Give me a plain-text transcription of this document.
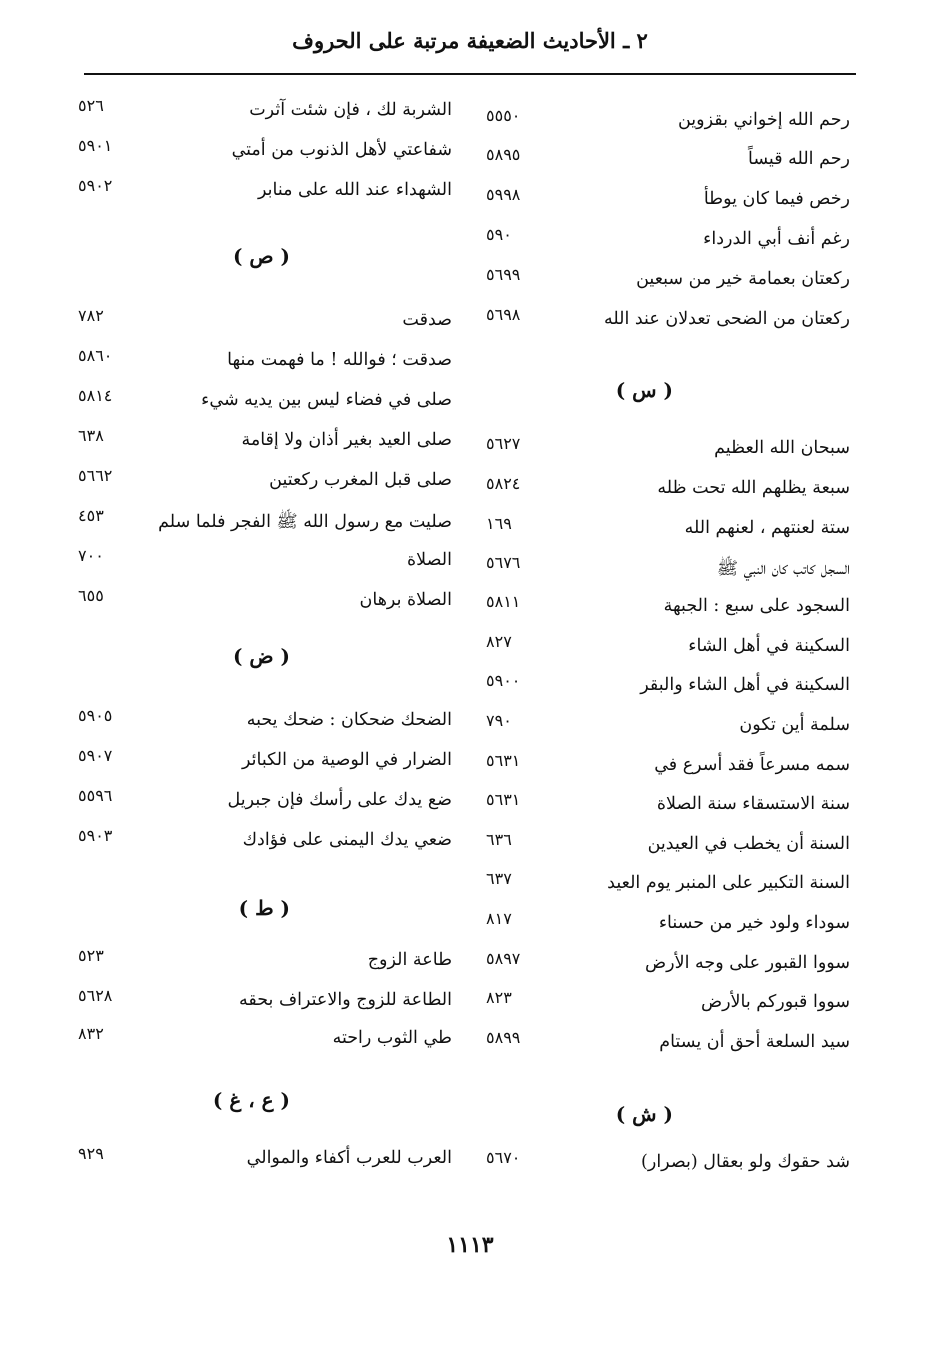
٢ ـ الأحاديث الضعيفة مرتبة على الحروف
رحم الله إخواني بقزوين
٥٥٥٠
رحم الله قيساً
٥٨٩٥
رخص فيما كان يوطأ
٥٩٩٨
رغم أنف أبي الدرداء
٥٩٠
ركعتان بعمامة خير من سبعين
٥٦٩٩
ركعتان من الضحى تعدلان عند الله
٥٦٩٨
( س )
سبحان الله العظيم
٥٦٢٧
سبعة يظلهم الله تحت ظله
٥٨٢٤
ستة لعنتهم ، لعنهم الله
١٦٩
السجل كاتب كان النبي ﷺ
٥٦٧٦
السجود على سبع : الجبهة
٥٨١١
السكينة في أهل الشاء
٨٢٧
السكينة في أهل الشاء والبقر
٥٩٠٠
سلمة أين تكون
٧٩٠
سمه مسرعاً فقد أسرع في
٥٦٣١
سنة الاستسقاء سنة الصلاة
٥٦٣١
السنة أن يخطب في العيدين
٦٣٦
السنة التكبير على المنبر يوم العيد
٦٣٧
سوداء ولود خير من حسناء
٨١٧
سووا القبور على وجه الأرض
٥٨٩٧
سووا قبوركم بالأرض
٨٢٣
سيد السلعة أحق أن يستام
٥٨٩٩
( ش )
شد حقوك ولو بعقال (بصرار)
٥٦٧٠
الشربة لك ، فإن شئت آثرت
٥٢٦
شفاعتي لأهل الذنوب من أمتي
٥٩٠١
الشهداء عند الله على منابر
٥٩٠٢
( ص )
صدقت
٧٨٢
صدقت ؛ فوالله ! ما فهمت منها
٥٨٦٠
صلى في فضاء ليس بين يديه شيء
٥٨١٤
صلى العيد بغير أذان ولا إقامة
٦٣٨
صلى قبل المغرب ركعتين
٥٦٦٢
صليت مع رسول الله ﷺ الفجر فلما سلم
٤٥٣
الصلاة
٧٠٠
الصلاة برهان
٦٥٥
( ض )
الضحك ضحكان : ضحك يحبه
٥٩٠٥
الضرار في الوصية من الكبائر
٥٩٠٧
ضع يدك على رأسك فإن جبريل
٥٥٩٦
ضعي يدك اليمنى على فؤادك
٥٩٠٣
( ط )
طاعة الزوج
٥٢٣
الطاعة للزوج والاعتراف بحقه
٥٦٢٨
طي الثوب راحته
٨٣٢
( ع ، غ )
العرب للعرب أكفاء والموالي
٩٢٩
١١١٣
